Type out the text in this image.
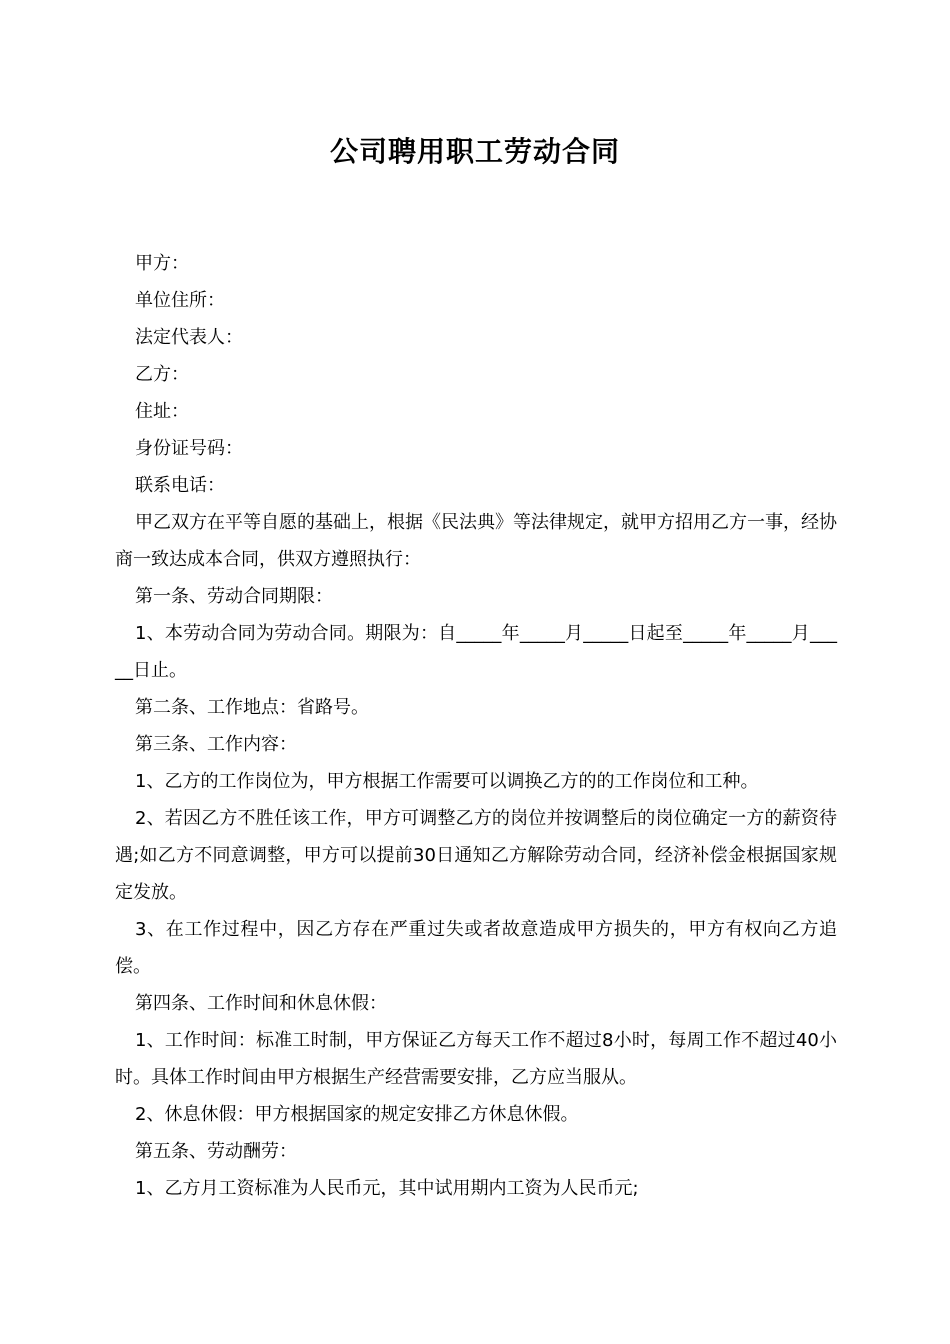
公司聘用职工劳动合同

甲方：

单位住所：

法定代表人：

乙方：

住址：

身份证号码：

联系电话：

甲乙双方在平等自愿的基础上，根据《民法典》等法律规定，就甲方招用乙方一事，经协商一致达成本合同，供双方遵照执行：

第一条、劳动合同期限：

1、本劳动合同为劳动合同。期限为：自_____年_____月_____日起至_____年_____月_____日止。

第二条、工作地点：省路号。

第三条、工作内容：

1、乙方的工作岗位为，甲方根据工作需要可以调换乙方的的工作岗位和工种。

2、若因乙方不胜任该工作，甲方可调整乙方的岗位并按调整后的岗位确定一方的薪资待遇;如乙方不同意调整，甲方可以提前30日通知乙方解除劳动合同，经济补偿金根据国家规定发放。

3、在工作过程中，因乙方存在严重过失或者故意造成甲方损失的，甲方有权向乙方追偿。

第四条、工作时间和休息休假：

1、工作时间：标准工时制，甲方保证乙方每天工作不超过8小时，每周工作不超过40小时。具体工作时间由甲方根据生产经营需要安排，乙方应当服从。

2、休息休假：甲方根据国家的规定安排乙方休息休假。

第五条、劳动酬劳：

1、乙方月工资标准为人民币元，其中试用期内工资为人民币元;
